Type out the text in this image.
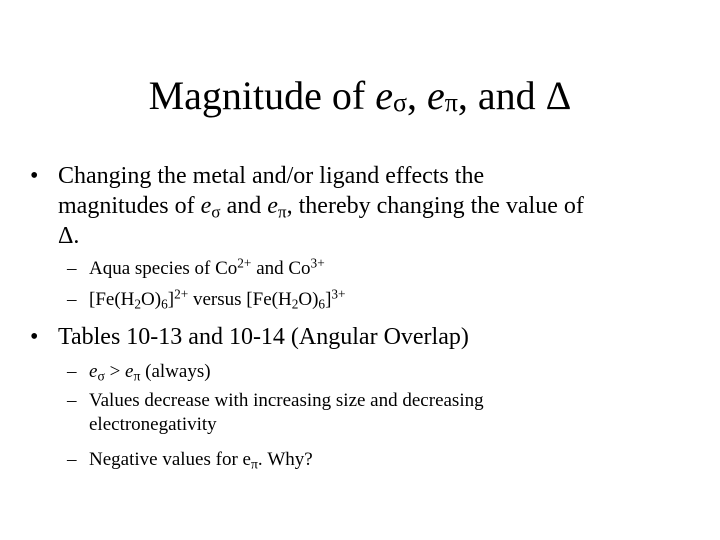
Magnitude of $e_\sigma$, $e_\pi$, and Δ
• Changing the metal and/or ligand effects the
magnitudes of eσ and eπ, thereby changing the value of
Δ.
– Aqua species of $Co^{2+}$ and $Co^{3+}$
– $[Fe(H_2O)_6]^{2+}$ versus $[Fe(H_2O)_6]^{3+}$
• Tables 10-13 and 10-14 (Angular Overlap)
– eσ > eπ (always)
– Values decrease with increasing size and decreasing
electronegativity
– Negative values for eπ. Why?
